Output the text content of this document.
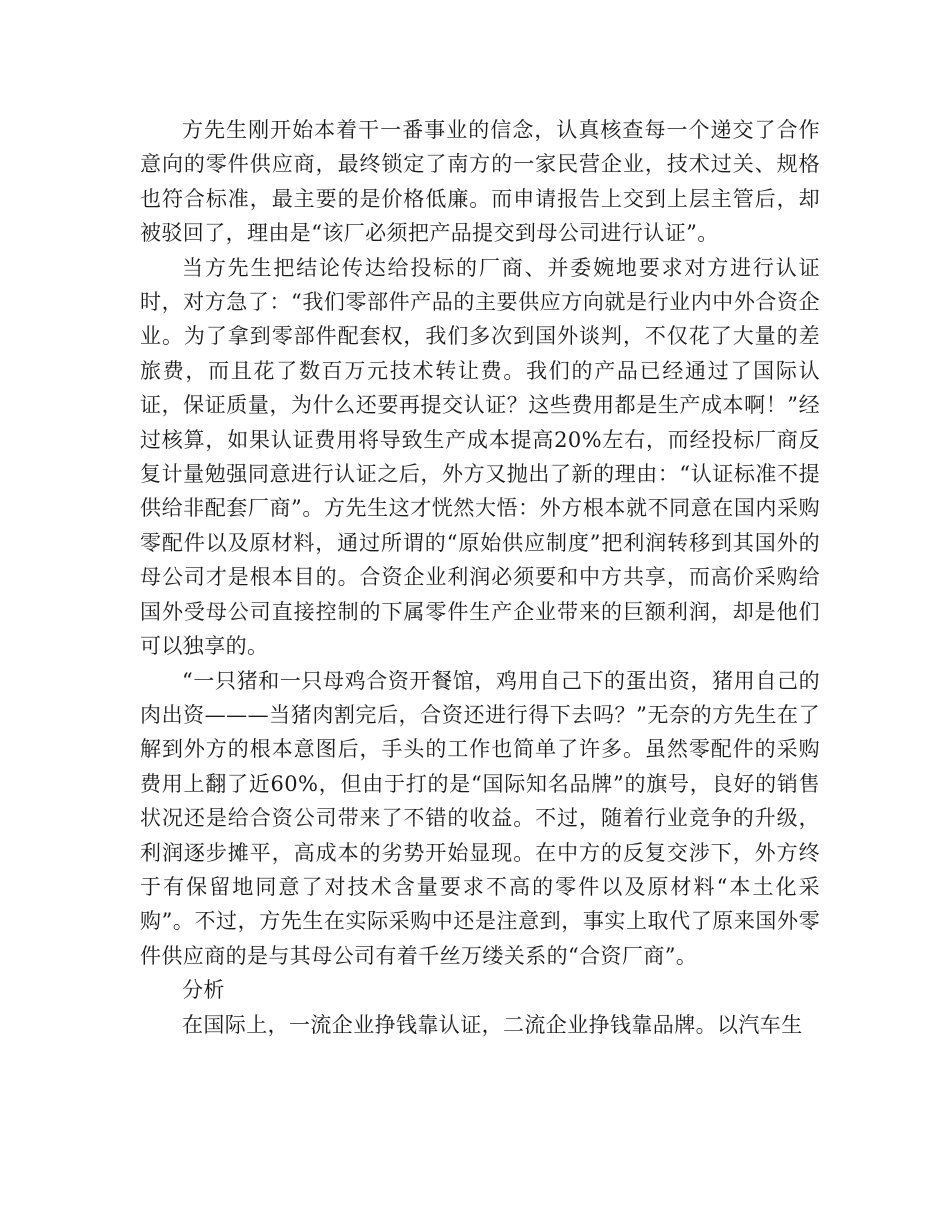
方先生刚开始本着干一番事业的信念，认真核查每一个递交了合作意向的零件供应商，最终锁定了南方的一家民营企业，技术过关、规格也符合标准，最主要的是价格低廉。而申请报告上交到上层主管后，却被驳回了，理由是“该厂必须把产品提交到母公司进行认证”。

当方先生把结论传达给投标的厂商、并委婉地要求对方进行认证时，对方急了：“我们零部件产品的主要供应方向就是行业内中外合资企业。为了拿到零部件配套权，我们多次到国外谈判，不仅花了大量的差旅费，而且花了数百万元技术转让费。我们的产品已经通过了国际认证，保证质量，为什么还要再提交认证？这些费用都是生产成本啊！”经过核算，如果认证费用将导致生产成本提高20%左右，而经投标厂商反复计量勉强同意进行认证之后，外方又抛出了新的理由：“认证标准不提供给非配套厂商”。方先生这才恍然大悟：外方根本就不同意在国内采购零配件以及原材料，通过所谓的“原始供应制度”把利润转移到其国外的母公司才是根本目的。合资企业利润必须要和中方共享，而高价采购给国外受母公司直接控制的下属零件生产企业带来的巨额利润，却是他们可以独享的。

“一只猪和一只母鸡合资开餐馆，鸡用自己下的蛋出资，猪用自己的肉出资———当猪肉割完后，合资还进行得下去吗？”无奈的方先生在了解到外方的根本意图后，手头的工作也简单了许多。虽然零配件的采购费用上翻了近60%，但由于打的是“国际知名品牌”的旗号，良好的销售状况还是给合资公司带来了不错的收益。不过，随着行业竞争的升级，利润逐步摊平，高成本的劣势开始显现。在中方的反复交涉下，外方终于有保留地同意了对技术含量要求不高的零件以及原材料“本土化采购”。不过，方先生在实际采购中还是注意到，事实上取代了原来国外零件供应商的是与其母公司有着千丝万缕关系的“合资厂商”。

分析

在国际上，一流企业挣钱靠认证，二流企业挣钱靠品牌。以汽车生
